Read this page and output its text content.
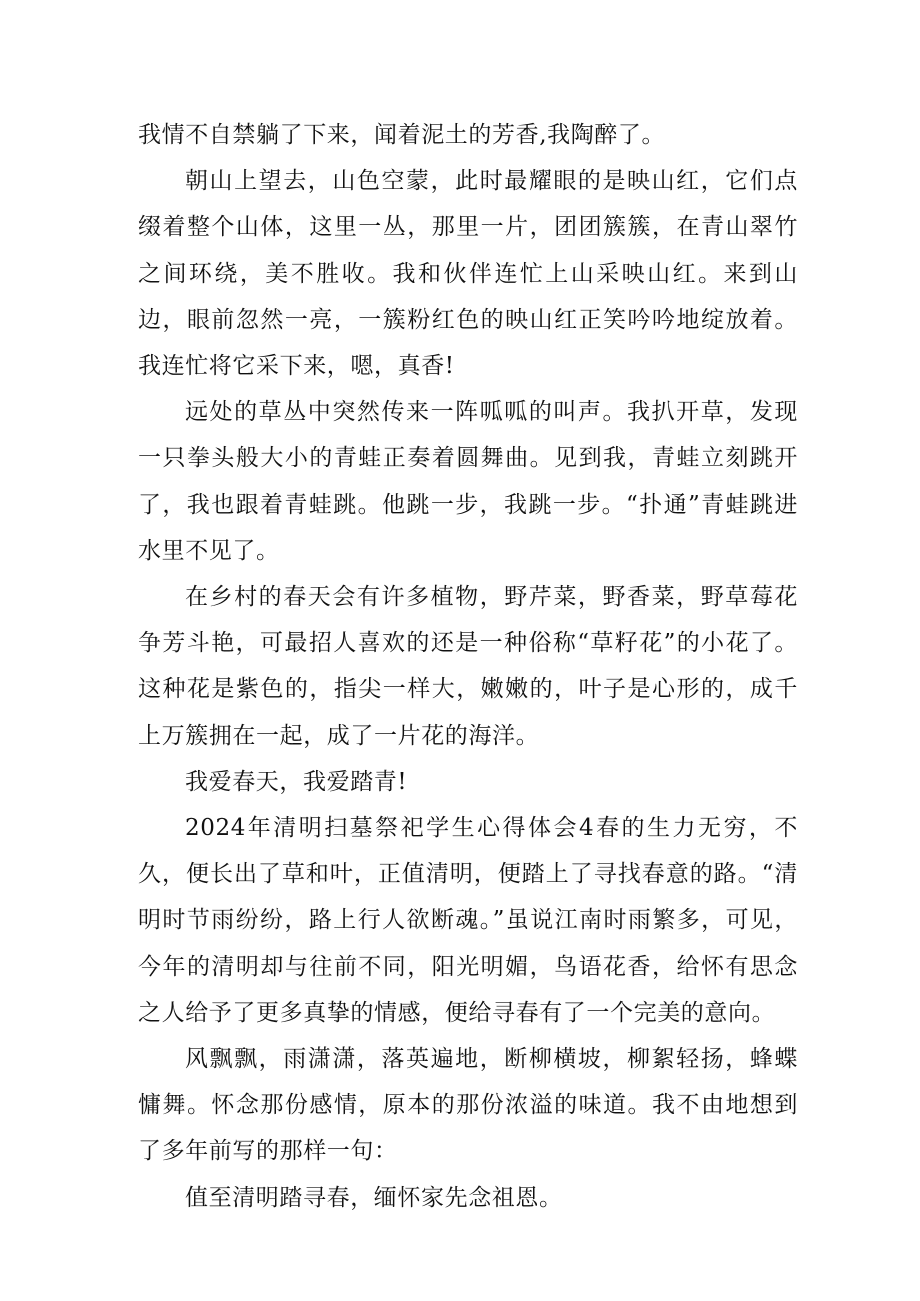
我情不自禁躺了下来，闻着泥土的芳香,我陶醉了。

朝山上望去，山色空蒙，此时最耀眼的是映山红，它们点缀着整个山体，这里一丛，那里一片，团团簇簇，在青山翠竹之间环绕，美不胜收。我和伙伴连忙上山采映山红。来到山边，眼前忽然一亮，一簇粉红色的映山红正笑吟吟地绽放着。我连忙将它采下来，嗯，真香!

远处的草丛中突然传来一阵呱呱的叫声。我扒开草，发现一只拳头般大小的青蛙正奏着圆舞曲。见到我，青蛙立刻跳开了，我也跟着青蛙跳。他跳一步，我跳一步。“扑通”青蛙跳进水里不见了。

在乡村的春天会有许多植物，野芹菜，野香菜，野草莓花争芳斗艳，可最招人喜欢的还是一种俗称“草籽花”的小花了。这种花是紫色的，指尖一样大，嫩嫩的，叶子是心形的，成千上万簇拥在一起，成了一片花的海洋。

我爱春天，我爱踏青!

2024年清明扫墓祭祀学生心得体会4春的生力无穷，不久，便长出了草和叶，正值清明，便踏上了寻找春意的路。“清明时节雨纷纷，路上行人欲断魂。”虽说江南时雨繁多，可见，今年的清明却与往前不同，阳光明媚，鸟语花香，给怀有思念之人给予了更多真挚的情感，便给寻春有了一个完美的意向。

风飘飘，雨潇潇，落英遍地，断柳横坡，柳絮轻扬，蜂蝶慵舞。怀念那份感情，原本的那份浓溢的味道。我不由地想到了多年前写的那样一句：

值至清明踏寻春，缅怀家先念祖恩。
